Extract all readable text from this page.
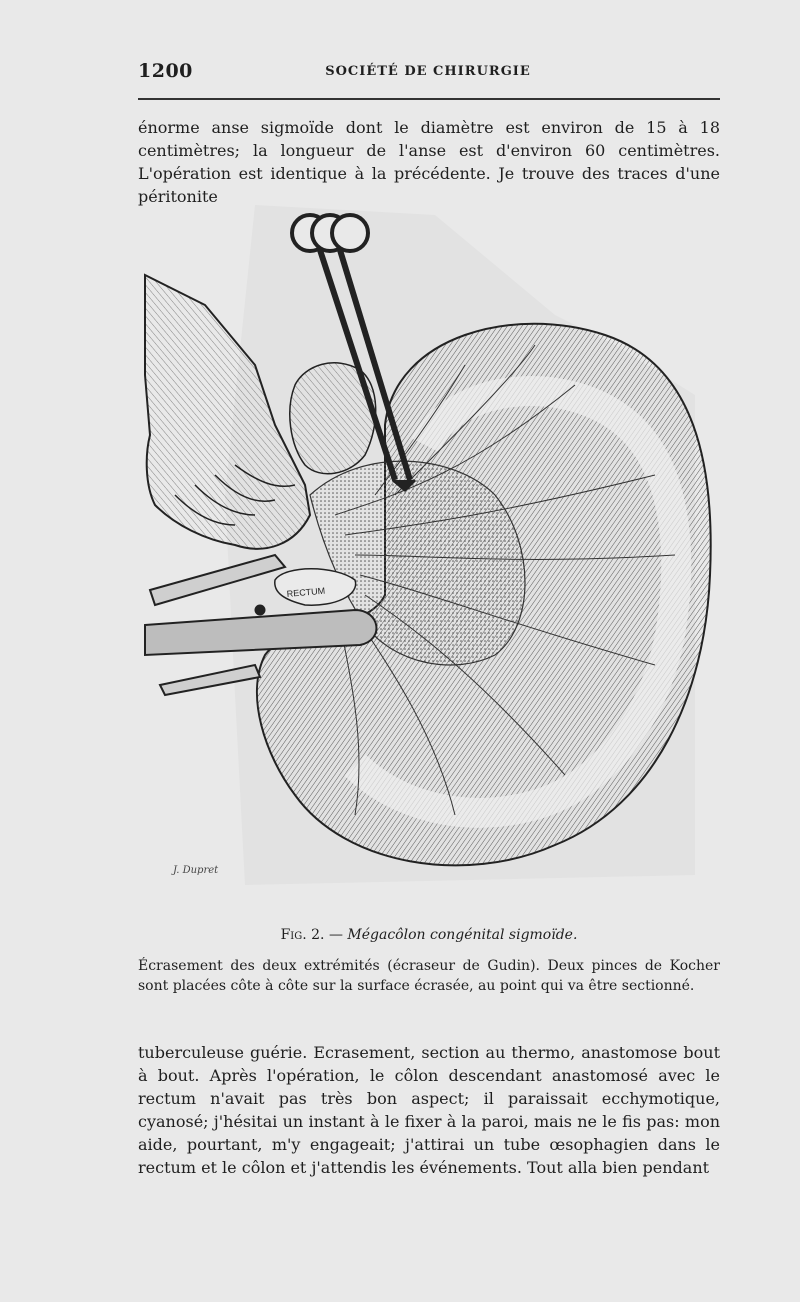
1200	SOCIÉTÉ DE CHIRURGIE

énorme anse sigmoïde dont le diamètre est environ de 15 à 18 centimètres; la longueur de l'anse est d'environ 60 centimètres. L'opération est identique à la précédente. Je trouve des traces d'une péritonite

RECTUM
J. Dupret
Fig. 2. — Mégacôlon congénital sigmoïde.
Écrasement des deux extrémités (écraseur de Gudin). Deux pinces de Kocher sont placées côte à côte sur la surface écrasée, au point qui va être sectionné.

tuberculeuse guérie. Ecrasement, section au thermo, anastomose bout à bout. Après l'opération, le côlon descendant anastomosé avec le rectum n'avait pas très bon aspect; il paraissait ecchymotique, cyanosé; j'hésitai un instant à le fixer à la paroi, mais ne le fis pas: mon aide, pourtant, m'y engageait; j'attirai un tube œsophagien dans le rectum et le côlon et j'attendis les événements. Tout alla bien pendant
